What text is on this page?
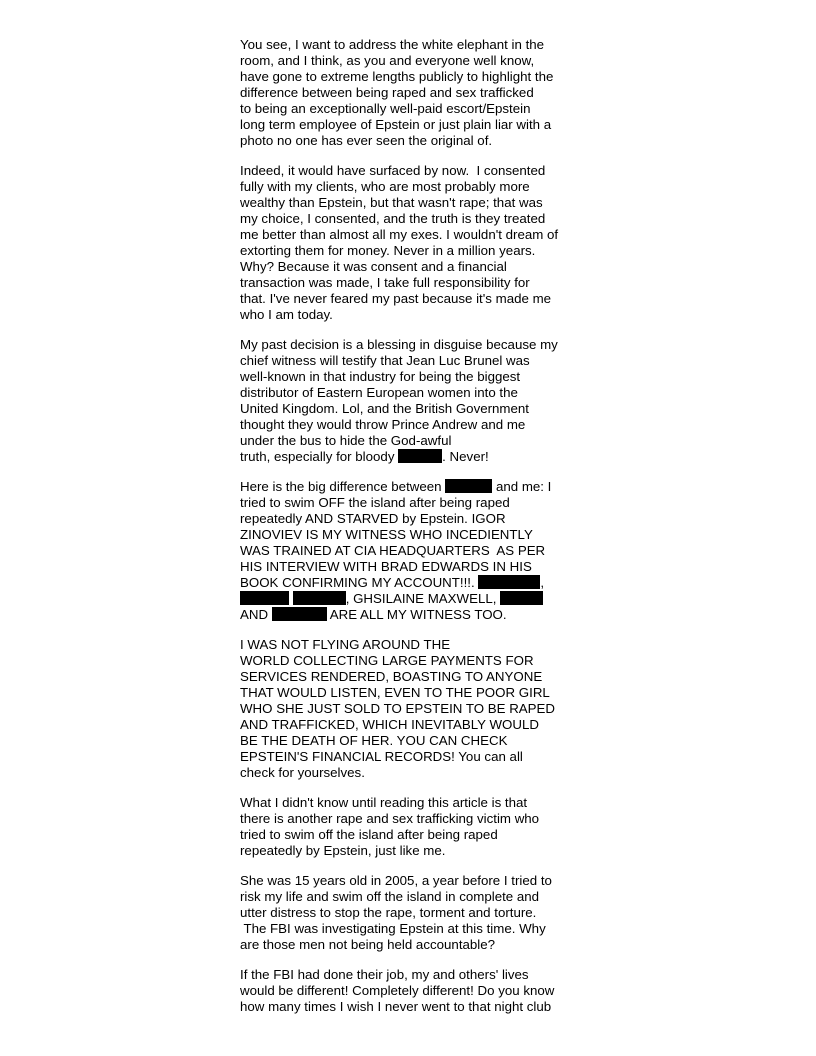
You see, I want to address the white elephant in the
room, and I think, as you and everyone well know,
have gone to extreme lengths publicly to highlight the
difference between being raped and sex trafficked
to being an exceptionally well-paid escort/Epstein
long term employee of Epstein or just plain liar with a
photo no one has ever seen the original of.

Indeed, it would have surfaced by now.  I consented
fully with my clients, who are most probably more
wealthy than Epstein, but that wasn't rape; that was
my choice, I consented, and the truth is they treated
me better than almost all my exes. I wouldn't dream of
extorting them for money. Never in a million years.
Why? Because it was consent and a financial
transaction was made, I take full responsibility for
that. I've never feared my past because it's made me
who I am today.

My past decision is a blessing in disguise because my
chief witness will testify that Jean Luc Brunel was
well-known in that industry for being the biggest
distributor of Eastern European women into the
United Kingdom. Lol, and the British Government
thought they would throw Prince Andrew and me
under the bus to hide the God-awful
truth, especially for bloody	. Never!

Here is the big difference between	and me: I
tried to swim OFF the island after being raped
repeatedly AND STARVED by Epstein. IGOR
ZINOVIEV IS MY WITNESS WHO INCEDIENTLY
WAS TRAINED AT CIA HEADQUARTERS  AS PER
HIS INTERVIEW WITH BRAD EDWARDS IN HIS
BOOK CONFIRMING MY ACCOUNT!!!.	,
, GHSILAINE MAXWELL,
AND	ARE ALL MY WITNESS TOO.

I WAS NOT FLYING AROUND THE
WORLD COLLECTING LARGE PAYMENTS FOR
SERVICES RENDERED, BOASTING TO ANYONE
THAT WOULD LISTEN, EVEN TO THE POOR GIRL
WHO SHE JUST SOLD TO EPSTEIN TO BE RAPED
AND TRAFFICKED, WHICH INEVITABLY WOULD
BE THE DEATH OF HER. YOU CAN CHECK
EPSTEIN'S FINANCIAL RECORDS! You can all
check for yourselves.

What I didn't know until reading this article is that
there is another rape and sex trafficking victim who
tried to swim off the island after being raped
repeatedly by Epstein, just like me.

She was 15 years old in 2005, a year before I tried to
risk my life and swim off the island in complete and
utter distress to stop the rape, torment and torture.
The FBI was investigating Epstein at this time. Why
are those men not being held accountable?

If the FBI had done their job, my and others' lives
would be different! Completely different! Do you know
how many times I wish I never went to that night club
